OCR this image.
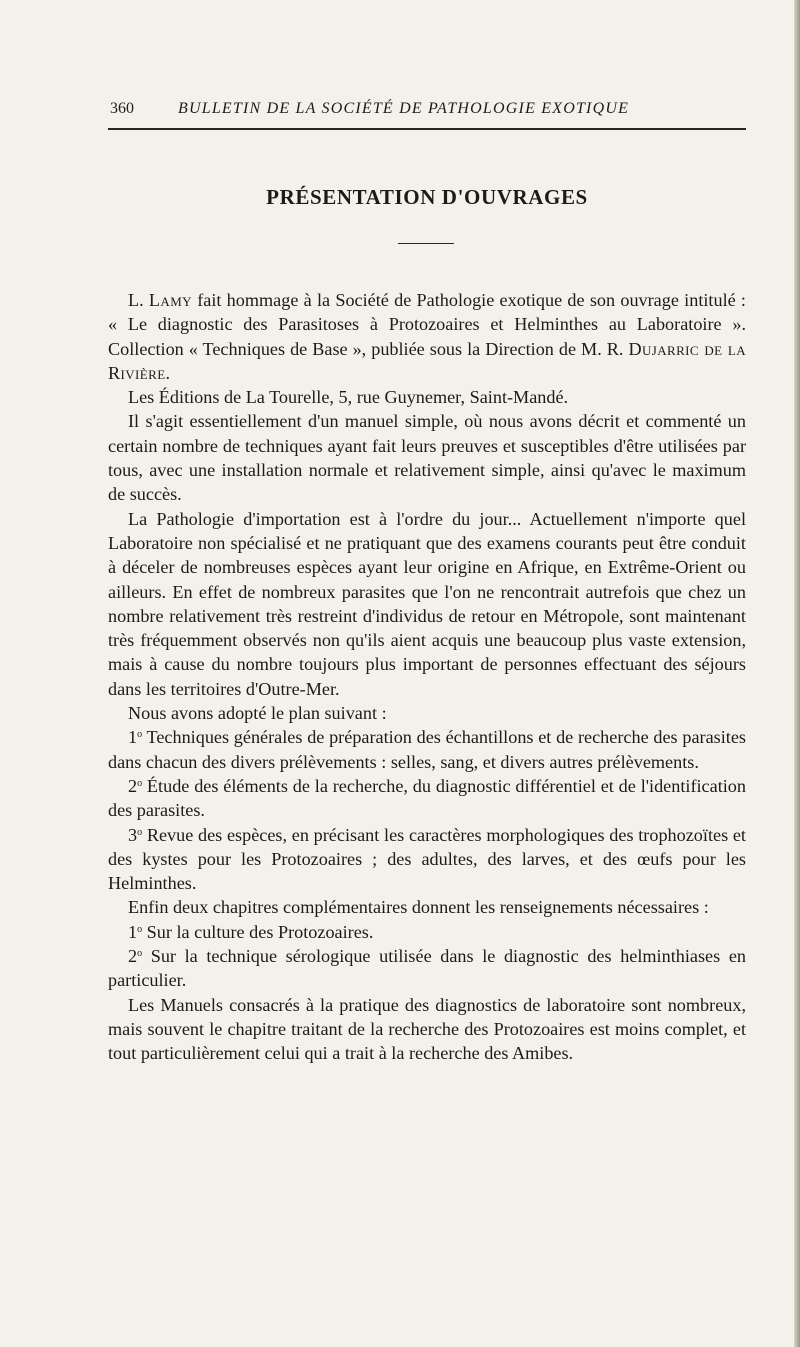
360	BULLETIN DE LA SOCIÉTÉ DE PATHOLOGIE EXOTIQUE
PRÉSENTATION D'OUVRAGES

L. Lamy fait hommage à la Société de Pathologie exotique de son ouvrage intitulé : « Le diagnostic des Parasitoses à Protozoaires et Helminthes au Laboratoire ». Collection « Techniques de Base », publiée sous la Direction de M. R. Dujarric de la Rivière.

Les Éditions de La Tourelle, 5, rue Guynemer, Saint-Mandé.

Il s'agit essentiellement d'un manuel simple, où nous avons décrit et commenté un certain nombre de techniques ayant fait leurs preuves et susceptibles d'être utilisées par tous, avec une installation normale et relativement simple, ainsi qu'avec le maximum de succès.

La Pathologie d'importation est à l'ordre du jour... Actuellement n'importe quel Laboratoire non spécialisé et ne pratiquant que des examens courants peut être conduit à déceler de nombreuses espèces ayant leur origine en Afrique, en Extrême-Orient ou ailleurs. En effet de nombreux parasites que l'on ne rencontrait autrefois que chez un nombre relativement très restreint d'individus de retour en Métropole, sont maintenant très fréquemment observés non qu'ils aient acquis une beaucoup plus vaste extension, mais à cause du nombre toujours plus important de personnes effectuant des séjours dans les territoires d'Outre-Mer.

Nous avons adopté le plan suivant :

1$^o$ Techniques générales de préparation des échantillons et de recherche des parasites dans chacun des divers prélèvements : selles, sang, et divers autres prélèvements.

2$^o$ Étude des éléments de la recherche, du diagnostic différentiel et de l'identification des parasites.

3$^o$ Revue des espèces, en précisant les caractères morphologiques des trophozoïtes et des kystes pour les Protozoaires ; des adultes, des larves, et des œufs pour les Helminthes.

Enfin deux chapitres complémentaires donnent les renseignements nécessaires :

1$^o$ Sur la culture des Protozoaires.

2$^o$ Sur la technique sérologique utilisée dans le diagnostic des helminthiases en particulier.

Les Manuels consacrés à la pratique des diagnostics de laboratoire sont nombreux, mais souvent le chapitre traitant de la recherche des Protozoaires est moins complet, et tout particulièrement celui qui a trait à la recherche des Amibes.
